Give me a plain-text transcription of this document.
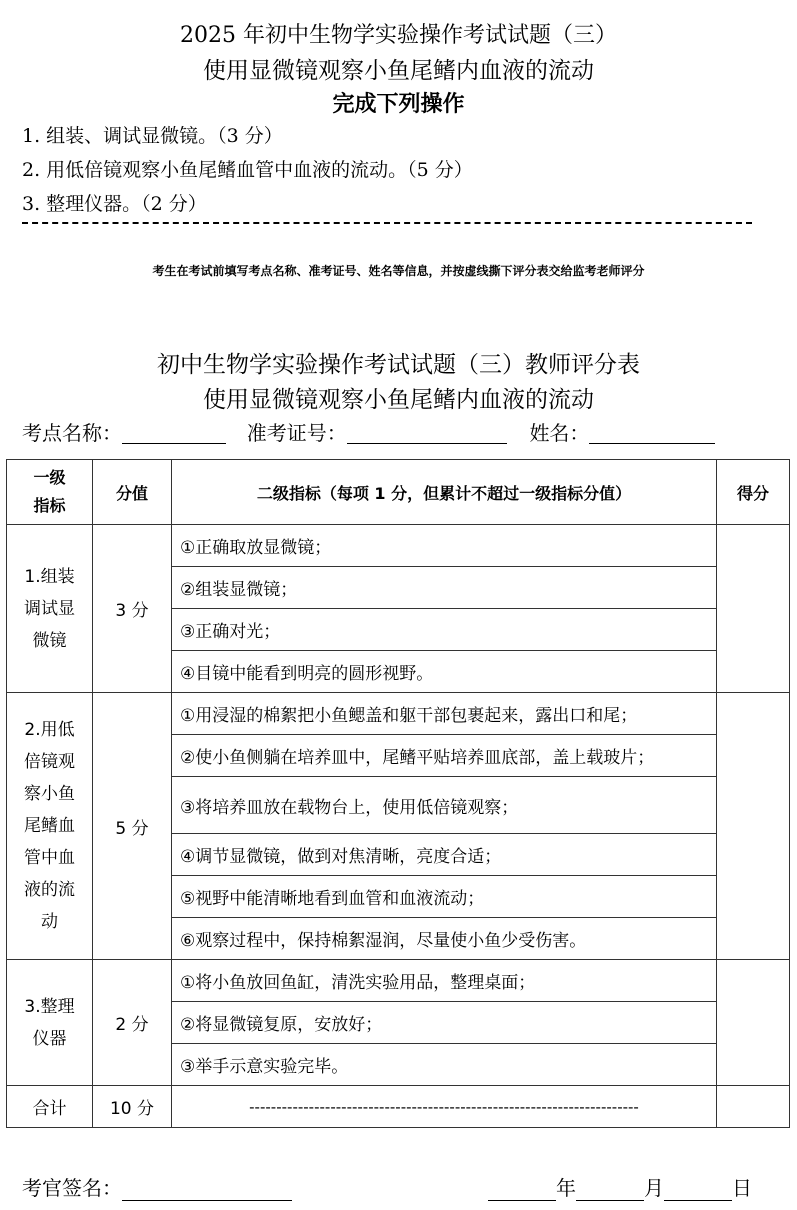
2025 年初中生物学实验操作考试试题（三）
使用显微镜观察小鱼尾鳍内血液的流动
完成下列操作
1. 组装、调试显微镜。（3 分）
2. 用低倍镜观察小鱼尾鳍血管中血液的流动。（5 分）
3. 整理仪器。（2 分）
考生在考试前填写考点名称、准考证号、姓名等信息，并按虚线撕下评分表交给监考老师评分
初中生物学实验操作考试试题（三）教师评分表
使用显微镜观察小鱼尾鳍内血液的流动
考点名称：	准考证号：	姓名：
一级指标	分值	二级指标（每项 1 分，但累计不超过一级指标分值）	得分

1.组装调试显微镜	3 分	①正确取放显微镜；	
		②组装显微镜；	
		③正确对光；	
		④目镜中能看到明亮的圆形视野。	

2.用低倍镜观察小鱼尾鳍血管中血液的流动	5 分	①用浸湿的棉絮把小鱼鳃盖和躯干部包裹起来，露出口和尾；	
		②使小鱼侧躺在培养皿中，尾鳍平贴培养皿底部，盖上载玻片；	
		③将培养皿放在载物台上，使用低倍镜观察；	
		④调节显微镜，做到对焦清晰，亮度合适；	
		⑤视野中能清晰地看到血管和血液流动；	
		⑥观察过程中，保持棉絮湿润，尽量使小鱼少受伤害。	

3.整理仪器	2 分	①将小鱼放回鱼缸，清洗实验用品，整理桌面；	
		②将显微镜复原，安放好；	
		③举手示意实验完毕。	
合计	10 分	------------------------------------------------------------------------	
考官签名：	年	月	日
